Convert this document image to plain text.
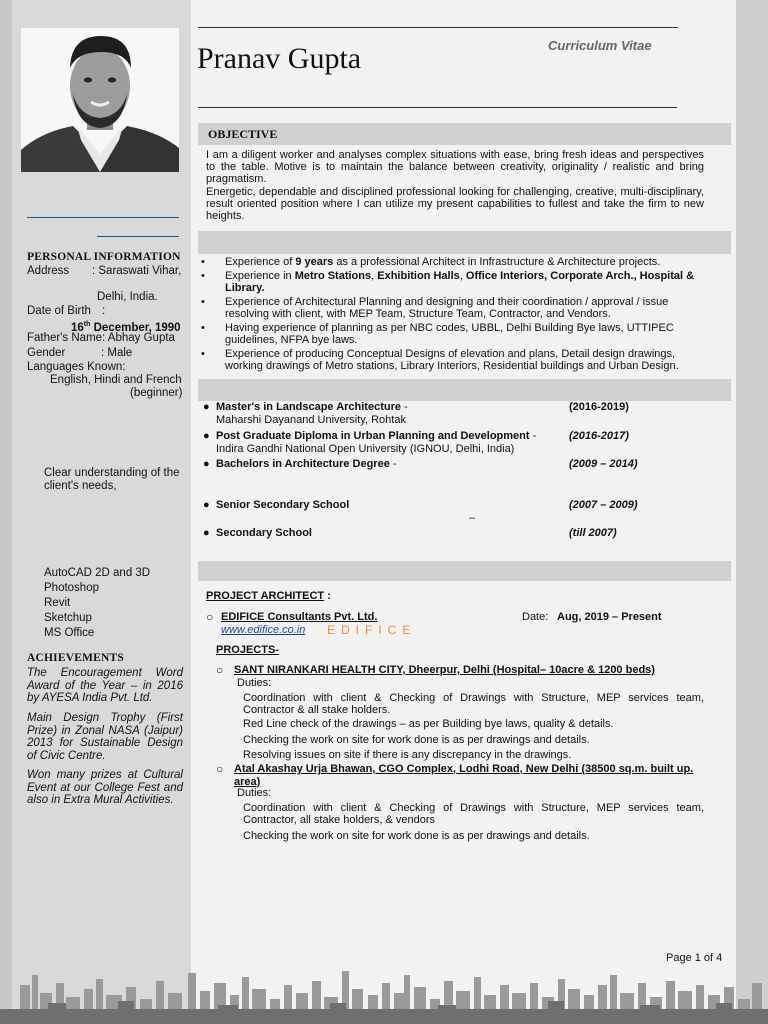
PERSONAL INFORMATION
Address : Saraswati Vihar,
Delhi, India.
Date of Birth :
16th December, 1990
Father's Name: Abhay Gupta
Gender	: Male
Languages Known:
English, Hindi and French
(beginner)
Clear understanding of the
client's needs,
AutoCAD 2D and 3D
Photoshop
Revit
Sketchup
MS Office
ACHIEVEMENTS
The Encouragement Word Award of the Year – in 2016 by AYESA India Pvt. Ltd.
Main Design Trophy (First Prize) in Zonal NASA (Jaipur) 2013 for Sustainable Design of Civic Centre.
Won many prizes at Cultural Event at our College Fest and also in Extra Mural Activities.
Pranav Gupta	Curriculum Vitae
OBJECTIVE
I am a diligent worker and analyses complex situations with ease, bring fresh ideas and perspectives to the table. Motive is to maintain the balance between creativity, originality / realistic and bring pragmatism.
Energetic, dependable and disciplined professional looking for challenging, creative, multi-disciplinary, result oriented position where I can utilize my present capabilities to fullest and take the firm to new heights.
•	Experience of 9 years as a professional Architect in Infrastructure & Architecture projects.
•	Experience in Metro Stations, Exhibition Halls, Office Interiors, Corporate Arch., Hospital & Library.
•	Experience of Architectural Planning and designing and their coordination / approval / issue resolving with client, with MEP Team, Structure Team, Contractor, and Vendors.
•	Having experience of planning as per NBC codes, UBBL, Delhi Building Bye laws, UTTIPEC guidelines, NFPA bye laws.
•	Experience of producing Conceptual Designs of elevation and plans, Detail design drawings, working drawings of Metro stations, Library Interiors, Residential buildings and Urban Design.
● Master's in Landscape Architecture -
Maharshi Dayanand University, Rohtak
(2016-2019)
● Post Graduate Diploma in Urban Planning and Development -
Indira Gandhi National Open University (IGNOU, Delhi, India)
(2016-2017)
● Bachelors in Architecture Degree -	(2009 – 2014)
● Senior Secondary School	(2007 – 2009)
–
● Secondary School	(till 2007)
PROJECT ARCHITECT :
○ EDIFICE Consultants Pvt. Ltd.	Date: Aug, 2019 – Present
www.edifice.co.in EDIFICE
PROJECTS-
○ SANT NIRANKARI HEALTH CITY, Dheerpur, Delhi (Hospital– 10acre & 1200 beds)
Duties:
Coordination with client & Checking of Drawings with Structure, MEP services team, Contractor & all stake holders.
Red Line check of the drawings – as per Building bye laws, quality & details.
Checking the work on site for work done is as per drawings and details.
Resolving issues on site if there is any discrepancy in the drawings.
○ Atal Akashay Urja Bhawan, CGO Complex, Lodhi Road, New Delhi (38500 sq.m. built up. area)
Duties:
Coordination with client & Checking of Drawings with Structure, MEP services team, Contractor, all stake holders, & vendors
Checking the work on site for work done is as per drawings and details.
Page 1 of 4
